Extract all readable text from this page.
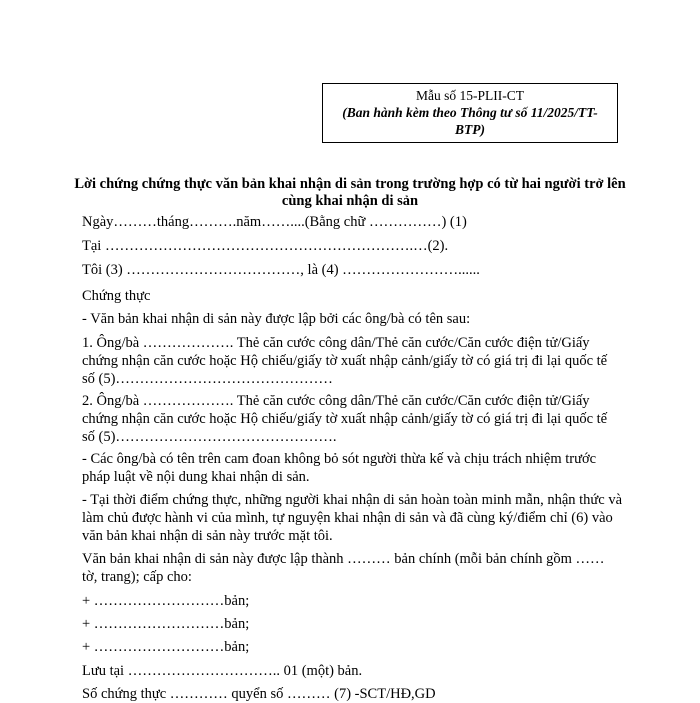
Mẫu số 15-PLII-CT
(Ban hành kèm theo Thông tư số 11/2025/TT-BTP)
Lời chứng chứng thực văn bản khai nhận di sản trong trường hợp có từ hai người trở lên cùng khai nhận di sản

Ngày………tháng……….năm……....(Bằng chữ ……………) (1)

Tại ……………………………………………………….…(2).

Tôi (3) ………………………………, là (4) ……………………......

Chứng thực

- Văn bản khai nhận di sản này được lập bởi các ông/bà có tên sau:

1. Ông/bà ………………. Thẻ căn cước công dân/Thẻ căn cước/Căn cước điện tử/Giấy chứng nhận căn cước hoặc Hộ chiếu/giấy tờ xuất nhập cảnh/giấy tờ có giá trị đi lại quốc tế số (5)………………………………………

2. Ông/bà ………………. Thẻ căn cước công dân/Thẻ căn cước/Căn cước điện tử/Giấy chứng nhận căn cước hoặc Hộ chiếu/giấy tờ xuất nhập cảnh/giấy tờ có giá trị đi lại quốc tế số (5)……………………………………….

- Các ông/bà có tên trên cam đoan không bỏ sót người thừa kế và chịu trách nhiệm trước pháp luật về nội dung khai nhận di sản.

- Tại thời điểm chứng thực, những người khai nhận di sản hoàn toàn minh mẫn, nhận thức và làm chủ được hành vi của mình, tự nguyện khai nhận di sản và đã cùng ký/điểm chỉ (6) vào văn bản khai nhận di sản này trước mặt tôi.

Văn bản khai nhận di sản này được lập thành ……… bản chính (mỗi bản chính gồm …… tờ, trang); cấp cho:

+ ………………………bản;

+ ………………………bản;

+ ………………………bản;

Lưu tại ………………………….. 01 (một) bản.

Số chứng thực ………… quyển số ……… (7) -SCT/HĐ,GD
